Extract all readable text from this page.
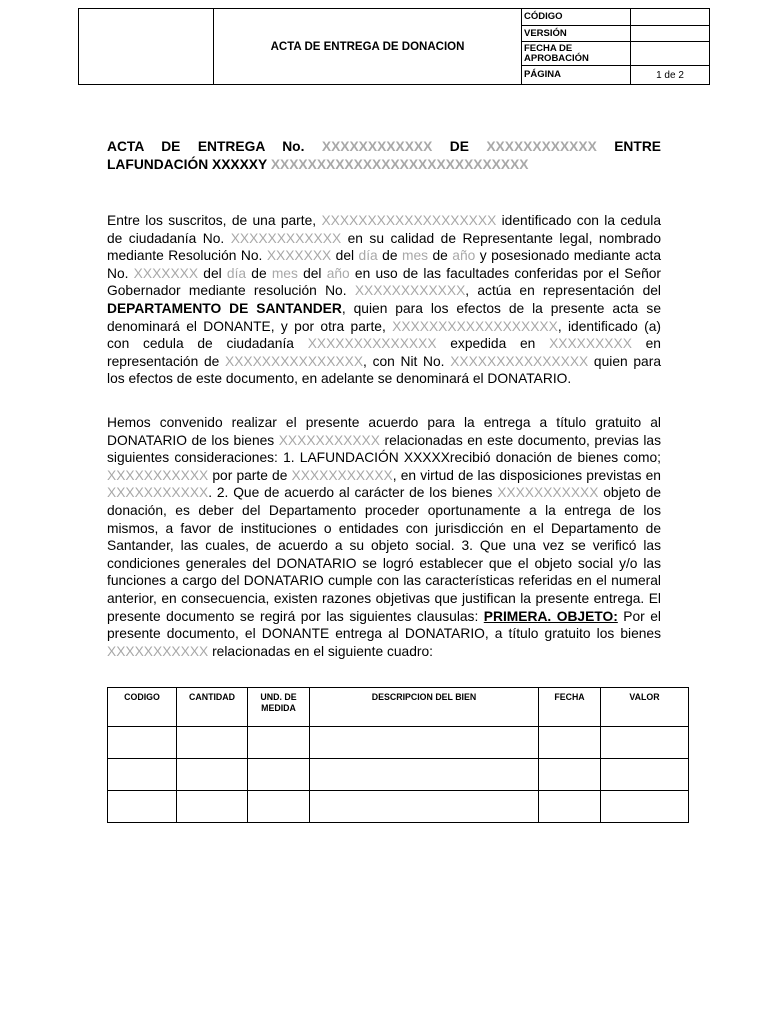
	ACTA DE ENTREGA DE DONACION	CÓDIGO	
		VERSIÓN	
		FECHA DE APROBACIÓN	
		PÁGINA	1 de 2
ACTA DE ENTREGA No. XXXXXXXXXXXX DE XXXXXXXXXXXX ENTRE LAFUNDACIÓN XXXXXY XXXXXXXXXXXXXXXXXXXXXXXXXXXX
Entre los suscritos, de una parte, XXXXXXXXXXXXXXXXXXX identificado con la cedula de ciudadanía No. XXXXXXXXXXXX en su calidad de Representante legal, nombrado mediante Resolución No. XXXXXXX del día de mes de año y posesionado mediante acta No. XXXXXXX del día de mes del año en uso de las facultades conferidas por el Señor Gobernador mediante resolución No. XXXXXXXXXXXX, actúa en representación del DEPARTAMENTO DE SANTANDER, quien para los efectos de la presente acta se denominará el DONANTE, y por otra parte, XXXXXXXXXXXXXXXXXX, identificado (a) con cedula de ciudadanía XXXXXXXXXXXXXX expedida en XXXXXXXXX en representación de XXXXXXXXXXXXXXX, con Nit No. XXXXXXXXXXXXXXX quien para los efectos de este documento, en adelante se denominará el DONATARIO.
Hemos convenido realizar el presente acuerdo para la entrega a título gratuito al DONATARIO de los bienes XXXXXXXXXXX relacionadas en este documento, previas las siguientes consideraciones: 1. LAFUNDACIÓN XXXXXrecibió donación de bienes como; XXXXXXXXXXX por parte de XXXXXXXXXXX, en virtud de las disposiciones previstas en XXXXXXXXXXX. 2. Que de acuerdo al carácter de los bienes XXXXXXXXXXX objeto de donación, es deber del Departamento proceder oportunamente a la entrega de los mismos, a favor de instituciones o entidades con jurisdicción en el Departamento de Santander, las cuales, de acuerdo a su objeto social. 3. Que una vez se verificó las condiciones generales del DONATARIO se logró establecer que el objeto social y/o las funciones a cargo del DONATARIO cumple con las características referidas en el numeral anterior, en consecuencia, existen razones objetivas que justifican la presente entrega. El presente documento se regirá por las siguientes clausulas: PRIMERA. OBJETO: Por el presente documento, el DONANTE entrega al DONATARIO, a título gratuito los bienes XXXXXXXXXXX relacionadas en el siguiente cuadro:
CODIGO	CANTIDAD	UND. DE MEDIDA	DESCRIPCION DEL BIEN	FECHA	VALOR
